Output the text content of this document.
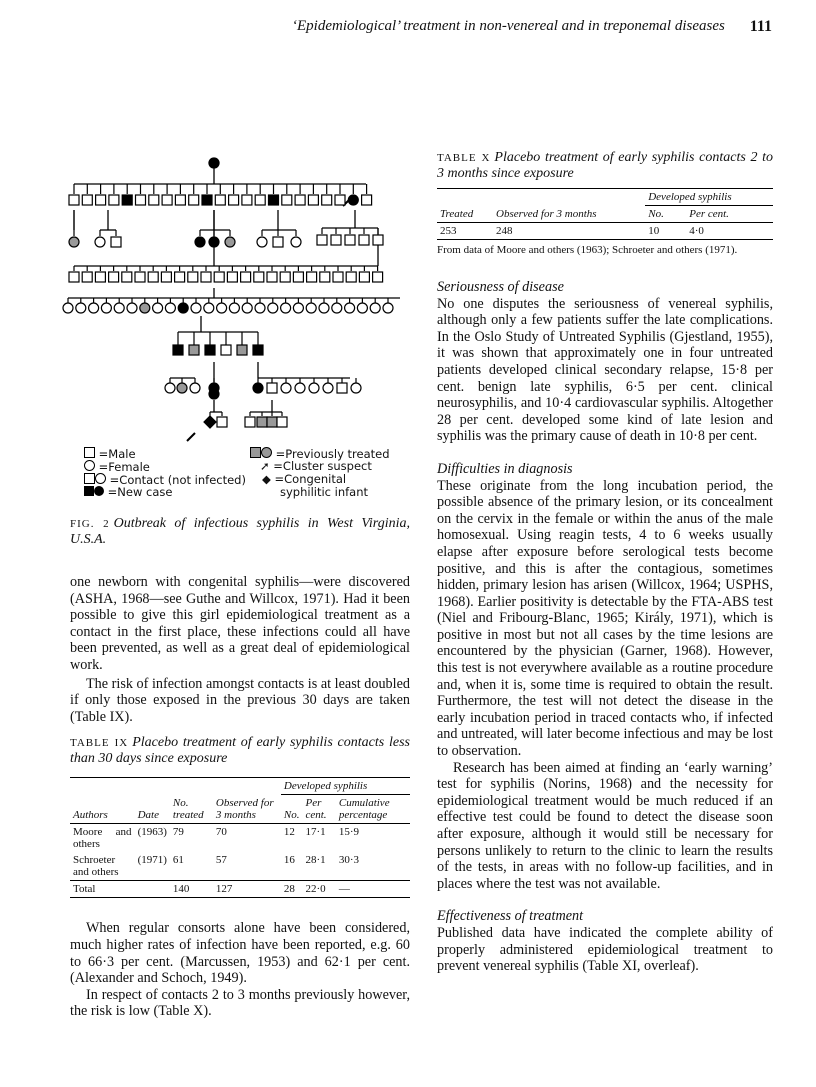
‘Epidemiological’ treatment in non-venereal and in treponemal diseases 111
=Male
=Female
=Contact (not infected)
=New case
=Previously treated
➚ =Cluster suspect
◆ =Congenital
syphilitic infant

FIG. 2 Outbreak of infectious syphilis in West Virginia, U.S.A.

one newborn with congenital syphilis—were discovered (ASHA, 1968—see Guthe and Willcox, 1971). Had it been possible to give this girl epidemiological treatment as a contact in the first place, these infections could all have been prevented, as well as a great deal of epidemiological work.

The risk of infection amongst contacts is at least doubled if only those exposed in the previous 30 days are taken (Table IX).

TABLE IX Placebo treatment of early syphilis contacts less than 30 days since exposure

				Developed syphilis		
Authors	Date	No. treated	Observed for 3 months	No.	Per cent.	Cumulative percentage
Moore and others	(1963)	79	70	12	17·1	15·9
Schroeter and others	(1971)	61	57	16	28·1	30·3
Total		140	127	28	22·0	—

When regular consorts alone have been considered, much higher rates of infection have been reported, e.g. 60 to 66·3 per cent. (Marcussen, 1953) and 62·1 per cent. (Alexander and Schoch, 1949).

In respect of contacts 2 to 3 months previously however, the risk is low (Table X).

TABLE X Placebo treatment of early syphilis contacts 2 to 3 months since exposure

		Developed syphilis	
Treated	Observed for 3 months	No.	Per cent.
253	248	10	4·0

From data of Moore and others (1963); Schroeter and others (1971).

Seriousness of disease

No one disputes the seriousness of venereal syphilis, although only a few patients suffer the late complications. In the Oslo Study of Untreated Syphilis (Gjestland, 1955), it was shown that approximately one in four untreated patients developed clinical secondary relapse, 15·8 per cent. benign late syphilis, 6·5 per cent. clinical neurosyphilis, and 10·4 cardiovascular syphilis. Altogether 28 per cent. developed some kind of late lesion and syphilis was the primary cause of death in 10·8 per cent.

Difficulties in diagnosis

These originate from the long incubation period, the possible absence of the primary lesion, or its concealment on the cervix in the female or within the anus of the male homosexual. Using reagin tests, 4 to 6 weeks usually elapse after exposure before serological tests become positive, and this is after the contagious, sometimes hidden, primary lesion has arisen (Willcox, 1964; USPHS, 1968). Earlier positivity is detectable by the FTA-ABS test (Niel and Fribourg-Blanc, 1965; Király, 1971), which is positive in most but not all cases by the time lesions are encountered by the physician (Garner, 1968). However, this test is not everywhere available as a routine procedure and, when it is, some time is required to obtain the result. Furthermore, the test will not detect the disease in the early incubation period in traced contacts who, if infected and untreated, will later become infectious and may be lost to observation.

Research has been aimed at finding an ‘early warning’ test for syphilis (Norins, 1968) and the necessity for epidemiological treatment would be much reduced if an effective test could be found to detect the disease soon after exposure, although it would still be necessary for persons unlikely to return to the clinic to learn the results of the tests, in areas with no follow-up facilities, and in places where the test was not available.

Effectiveness of treatment

Published data have indicated the complete ability of properly administered epidemiological treatment to prevent venereal syphilis (Table XI, overleaf).
